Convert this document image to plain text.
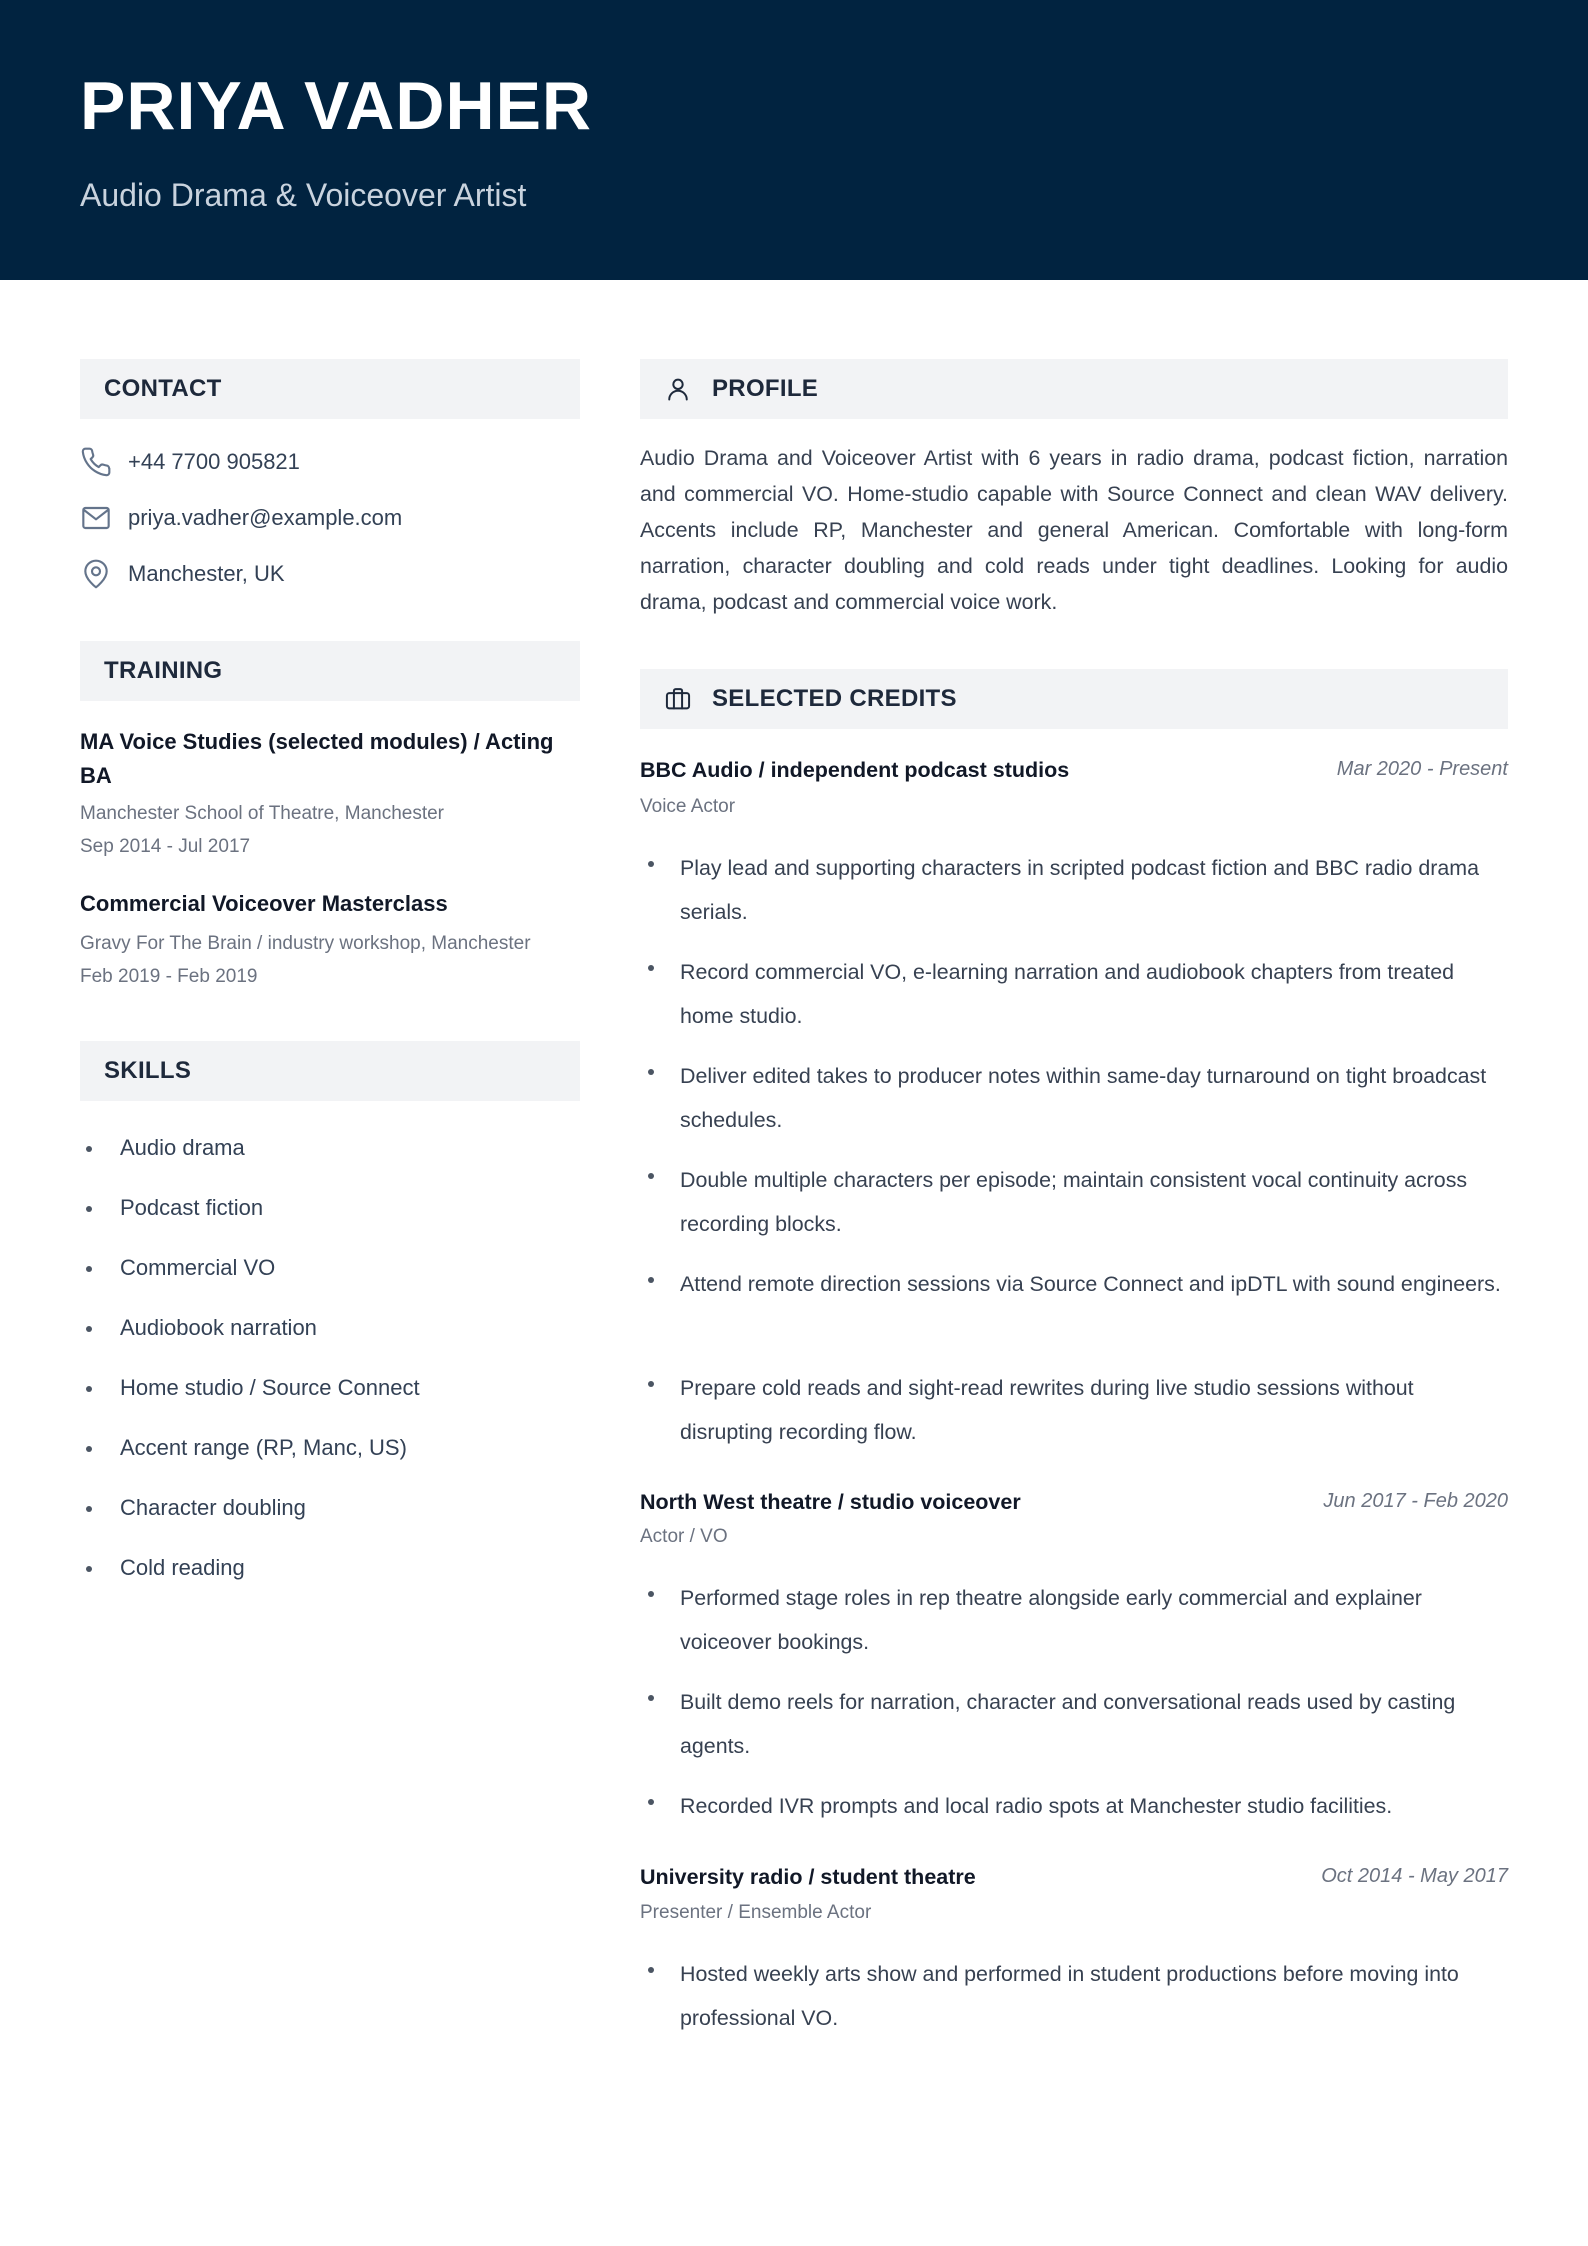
PRIYA VADHER
Audio Drama & Voiceover Artist
CONTACT
+44 7700 905821
priya.vadher@example.com
Manchester, UK
TRAINING
MA Voice Studies (selected modules) / Acting BA
Manchester School of Theatre, Manchester
Sep 2014 - Jul 2017
Commercial Voiceover Masterclass
Gravy For The Brain / industry workshop, Manchester
Feb 2019 - Feb 2019
SKILLS
Audio drama
Podcast fiction
Commercial VO
Audiobook narration
Home studio / Source Connect
Accent range (RP, Manc, US)
Character doubling
Cold reading
PROFILE
Audio Drama and Voiceover Artist with 6 years in radio drama, podcast fiction, narration and commercial VO. Home-studio capable with Source Connect and clean WAV delivery. Accents include RP, Manchester and general American. Comfortable with long-form narration, character doubling and cold reads under tight deadlines. Looking for audio drama, podcast and commercial voice work.
SELECTED CREDITS
BBC Audio / independent podcast studios	Mar 2020 - Present
Voice Actor
Play lead and supporting characters in scripted podcast fiction and BBC radio drama serials.
Record commercial VO, e-learning narration and audiobook chapters from treated home studio.
Deliver edited takes to producer notes within same-day turnaround on tight broadcast schedules.
Double multiple characters per episode; maintain consistent vocal continuity across recording blocks.
Attend remote direction sessions via Source Connect and ipDTL with sound engineers.
Prepare cold reads and sight-read rewrites during live studio sessions without disrupting recording flow.
North West theatre / studio voiceover	Jun 2017 - Feb 2020
Actor / VO
Performed stage roles in rep theatre alongside early commercial and explainer voiceover bookings.
Built demo reels for narration, character and conversational reads used by casting agents.
Recorded IVR prompts and local radio spots at Manchester studio facilities.
University radio / student theatre	Oct 2014 - May 2017
Presenter / Ensemble Actor
Hosted weekly arts show and performed in student productions before moving into professional VO.
